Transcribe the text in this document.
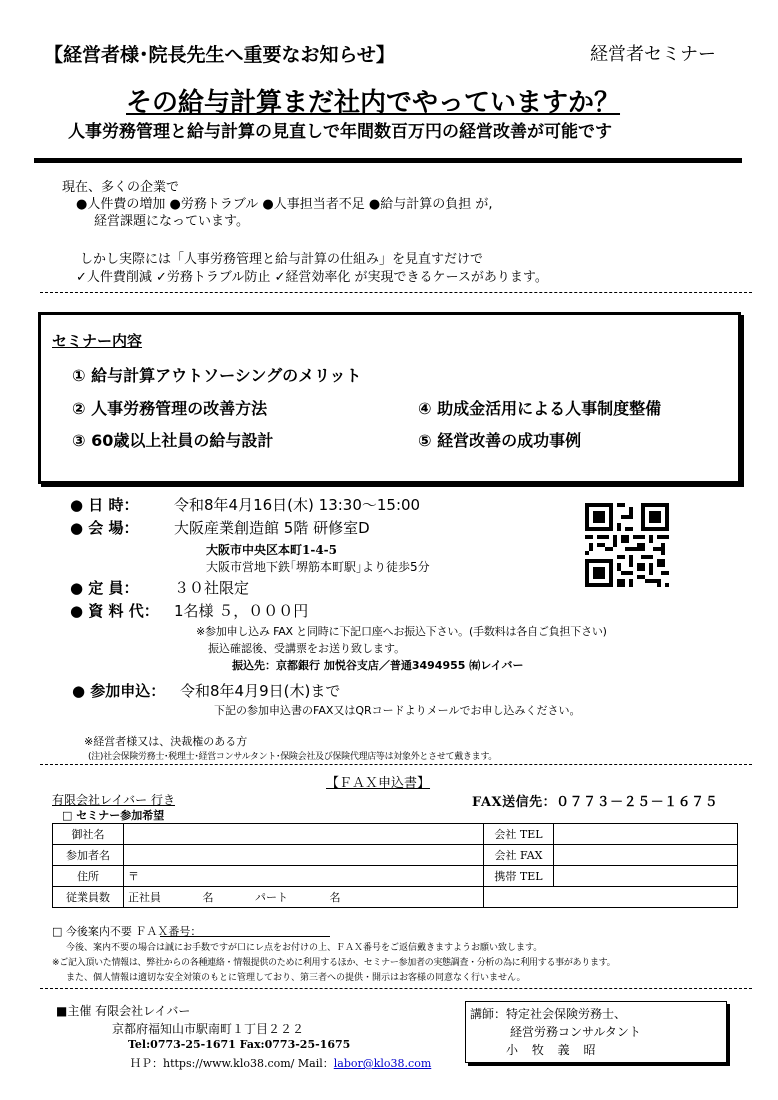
【経営者様･院長先生へ重要なお知らせ】	経営者セミナー
その給与計算まだ社内でやっていますか？
人事労務管理と給与計算の見直しで年間数百万円の経営改善が可能です
現在、多くの企業で
●人件費の増加 ●労務トラブル ●人事担当者不足 ●給与計算の負担 が,
経営課題になっています。
しかし実際には「人事労務管理と給与計算の仕組み」を見直すだけで
✓人件費削減 ✓労務トラブル防止 ✓経営効率化 が実現できるケースがあります。
セミナー内容
① 給与計算アウトソーシングのメリット
② 人事労務管理の改善方法
③ 60歳以上社員の給与設計
④ 助成金活用による人事制度整備
⑤ 経営改善の成功事例
● 日 時： 令和8年4月16日(木) 13:30～15:00
● 会 場： 大阪産業創造館 5階 研修室D
大阪市中央区本町1-4-5
大阪市営地下鉄｢堺筋本町駅｣より徒歩5分
● 定 員： ３０社限定
● 資 料 代： 1名様 ５，０００円
※参加申し込み FAX と同時に下記口座へお振込下さい。(手数料は各自ご負担下さい)
振込確認後、受講票をお送り致します。
振込先：京都銀行 加悦谷支店／普通3494955 ㈲レイバー
● 参加申込： 令和8年4月9日(木)まで
下記の参加申込書のFAX又はQRコードよりメールでお申し込みください。
※経営者様又は、決裁権のある方
(注)社会保険労務士･税理士･経営コンサルタント･保険会社及び保険代理店等は対象外とさせて戴きます。
【ＦＡＸ申込書】
有限会社レイバー 行き	FAX送信先：０７７３－２５－１６７５
□ セミナー参加希望
御社名		会社 TEL	
参加者名		会社 FAX	
住所	〒	携帯 TEL	
従業員数	正社員 名 パート 名		
□ 今後案内不要 ＦＡＸ番号：
今後、案内不要の場合は誠にお手数ですが口にレ点をお付けの上、ＦＡＸ番号をご返信戴きますようお願い致します。
※ご記入頂いた情報は、弊社からの各種連絡・情報提供のために利用するほか、セミナー参加者の実態調査・分析の為に利用する事があります。
また、個人情報は適切な安全対策のもとに管理しており、第三者への提供・開示はお客様の同意なく行いません。
■主催 有限会社レイバー
京都府福知山市駅南町１丁目２２２
Tel:0773-25-1671 Fax:0773-25-1675
ＨＰ：https://www.klo38.com/ Mail：labor@klo38.com
講師：特定社会保険労務士、
経営労務コンサルタント
小 牧 義 昭
